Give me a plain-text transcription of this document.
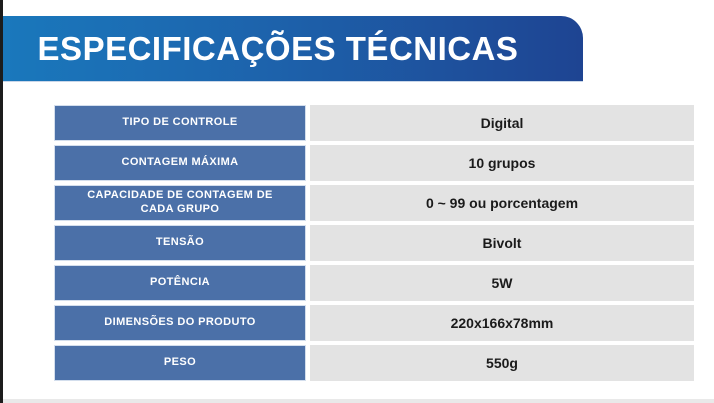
ESPECIFICAÇÕES TÉCNICAS
TIPO DE CONTROLE	Digital
CONTAGEM MÁXIMA	10 grupos
CAPACIDADE DE CONTAGEM DE CADA GRUPO	0 ~ 99 ou porcentagem
TENSÃO	Bivolt
POTÊNCIA	5W
DIMENSÕES DO PRODUTO	220x166x78mm
PESO	550g
